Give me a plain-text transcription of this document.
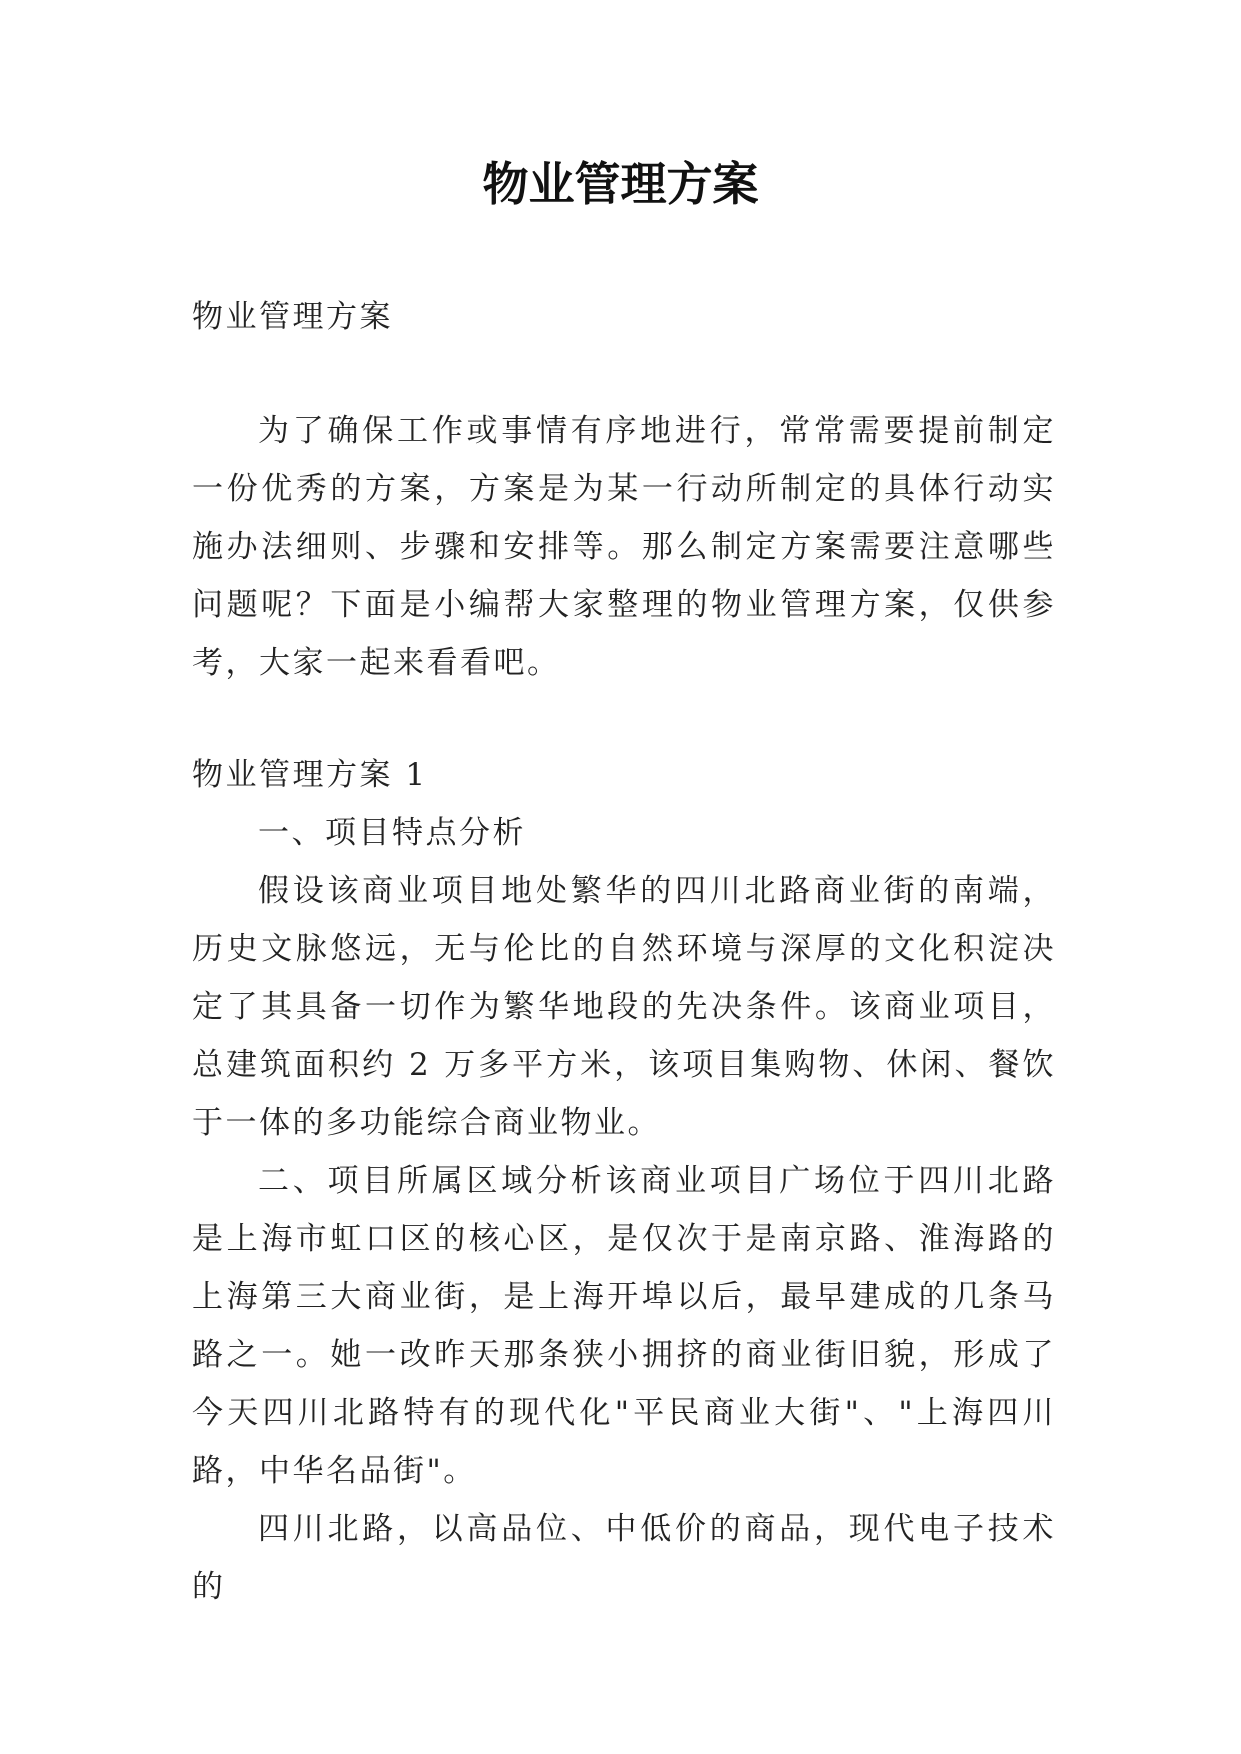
物业管理方案

物业管理方案

为了确保工作或事情有序地进行，常常需要提前制定一份优秀的方案，方案是为某一行动所制定的具体行动实施办法细则、步骤和安排等。那么制定方案需要注意哪些问题呢？下面是小编帮大家整理的物业管理方案，仅供参考，大家一起来看看吧。

物业管理方案 1

一、项目特点分析

假设该商业项目地处繁华的四川北路商业街的南端，历史文脉悠远，无与伦比的自然环境与深厚的文化积淀决定了其具备一切作为繁华地段的先决条件。该商业项目，总建筑面积约 2 万多平方米，该项目集购物、休闲、餐饮于一体的多功能综合商业物业。

二、项目所属区域分析该商业项目广场位于四川北路是上海市虹口区的核心区，是仅次于是南京路、淮海路的上海第三大商业街，是上海开埠以后，最早建成的几条马路之一。她一改昨天那条狭小拥挤的商业街旧貌，形成了今天四川北路特有的现代化"平民商业大街"、"上海四川路，中华名品街"。

四川北路，以高品位、中低价的商品，现代电子技术的
